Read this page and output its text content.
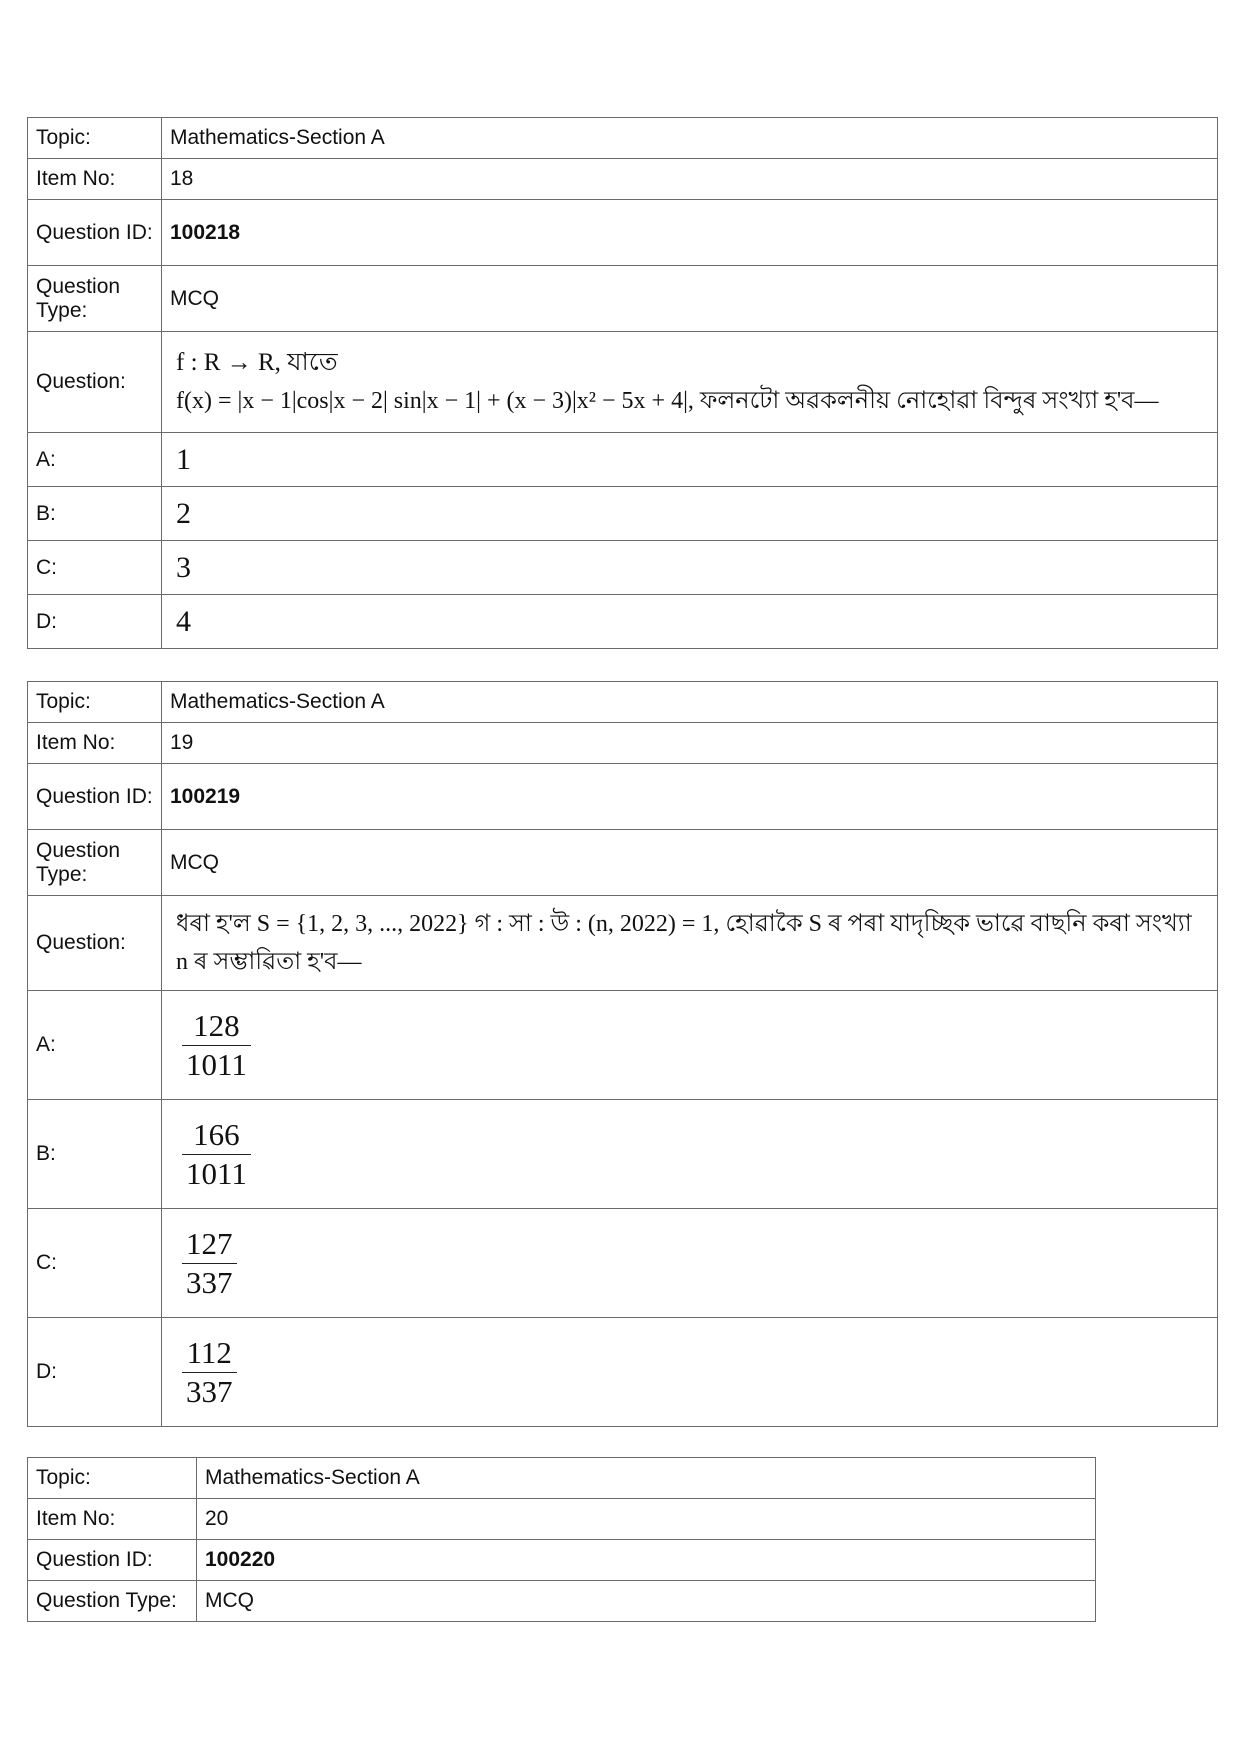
Topic:	Mathematics-Section A
Item No:	18
Question ID:	100218
Question Type:	MCQ
Question:	f : R → R, যাতে
f(x) = |x − 1|cos|x − 2| sin|x − 1| + (x − 3)|x² − 5x + 4|, ফলনটো অৱকলনীয় নোহোৱা বিন্দুৰ সংখ্যা হ'ব—

A:	1
B:	2
C:	3
D:	4
Topic:	Mathematics-Section A
Item No:	19
Question ID:	100219
Question Type:	MCQ
Question:	ধৰা হ'ল S = {1, 2, 3, ..., 2022} গ : সা : উ : (n, 2022) = 1, হোৱাকৈ S ৰ পৰা যাদৃচ্ছিক ভাৱে বাছনি কৰা সংখ্যা n ৰ সম্ভাৱিতা হ'ব—
A:	$\frac{128}{1011}$

B:	$\frac{166}{1011}$

C:	$\frac{127}{337}$

D:	$\frac{112}{337}$
Topic:	Mathematics-Section A
Item No:	20
Question ID:	100220
Question Type:	MCQ
